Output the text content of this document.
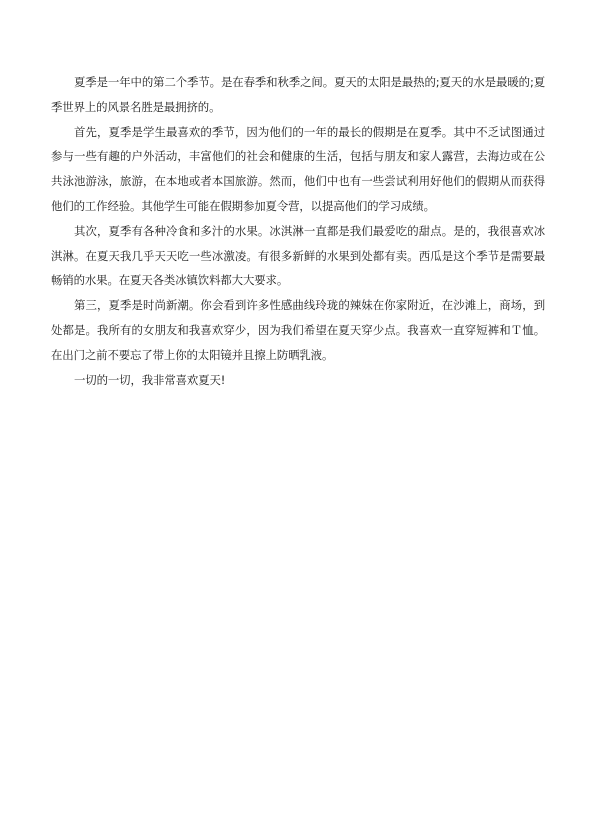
夏季是一年中的第二个季节。是在春季和秋季之间。夏天的太阳是最热的;夏天的水是最暖的;夏季世界上的风景名胜是最拥挤的。

首先，夏季是学生最喜欢的季节，因为他们的一年的最长的假期是在夏季。其中不乏试图通过参与一些有趣的户外活动，丰富他们的社会和健康的生活，包括与朋友和家人露营，去海边或在公共泳池游泳，旅游，在本地或者本国旅游。然而，他们中也有一些尝试利用好他们的假期从而获得他们的工作经验。其他学生可能在假期参加夏令营，以提高他们的学习成绩。

其次，夏季有各种冷食和多汁的水果。冰淇淋一直都是我们最爱吃的甜点。是的，我很喜欢冰淇淋。在夏天我几乎天天吃一些冰激凌。有很多新鲜的水果到处都有卖。西瓜是这个季节是需要最畅销的水果。在夏天各类冰镇饮料都大大要求。

第三，夏季是时尚新潮。你会看到许多性感曲线玲珑的辣妹在你家附近，在沙滩上，商场，到处都是。我所有的女朋友和我喜欢穿少，因为我们希望在夏天穿少点。我喜欢一直穿短裤和Ｔ恤。在出门之前不要忘了带上你的太阳镜并且擦上防晒乳液。

一切的一切，我非常喜欢夏天!
